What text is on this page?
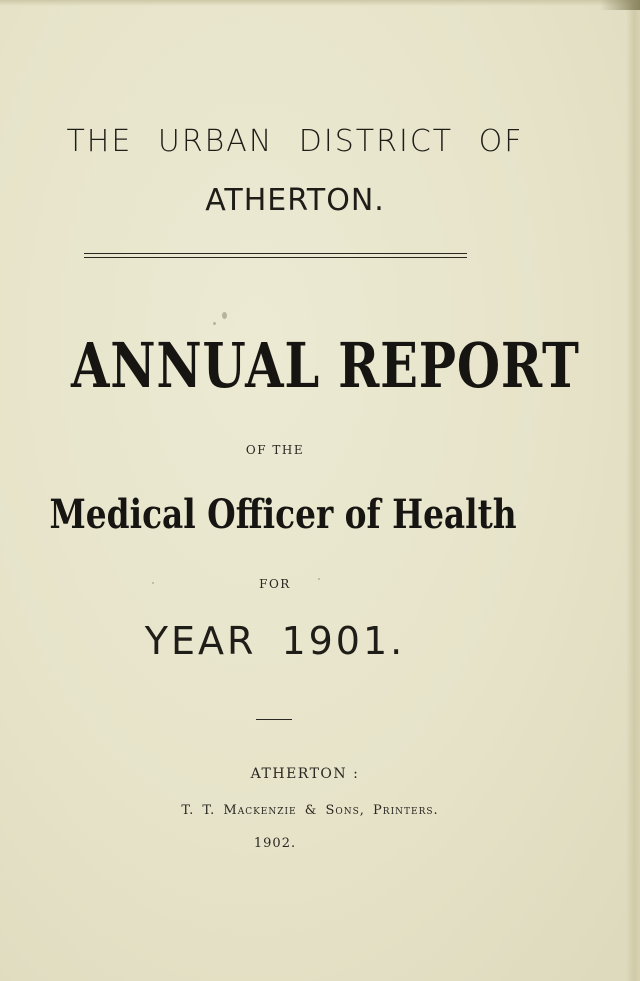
THE URBAN DISTRICT OF
ATHERTON.
ANNUAL REPORT
OF THE
Medical Officer of Health
FOR
YEAR 1901.
ATHERTON :
T. T. Mackenzie & Sons, Printers.
1902.
